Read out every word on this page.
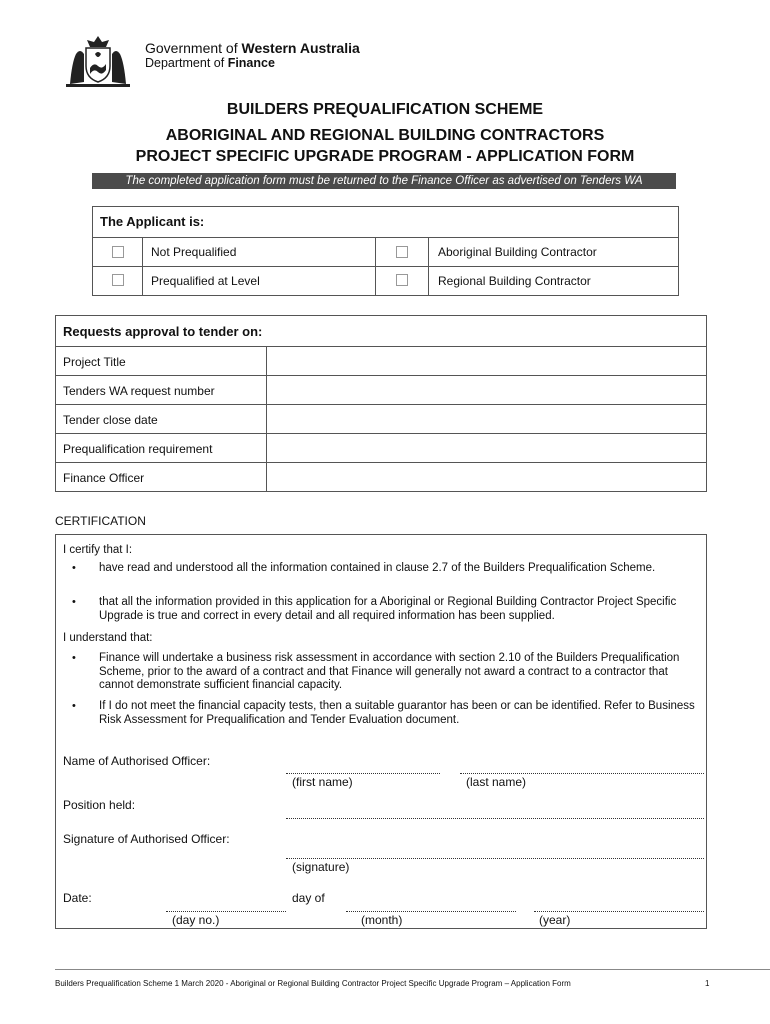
Government of Western Australia
Department of Finance
BUILDERS PREQUALIFICATION SCHEME
ABORIGINAL AND REGIONAL BUILDING CONTRACTORS
PROJECT SPECIFIC UPGRADE PROGRAM - APPLICATION FORM
The completed application form must be returned to the Finance Officer as advertised on Tenders WA
The Applicant is:
Not Prequalified	Aboriginal Building Contractor
Prequalified at Level	Regional Building Contractor
Requests approval to tender on:
Project Title
Tenders WA request number
Tender close date
Prequalification requirement
Finance Officer
CERTIFICATION
I certify that I:
• have read and understood all the information contained in clause 2.7 of the Builders Prequalification Scheme.
• that all the information provided in this application for a Aboriginal or Regional Building Contractor Project Specific Upgrade is true and correct in every detail and all required information has been supplied.
I understand that:
• Finance will undertake a business risk assessment in accordance with section 2.10 of the Builders Prequalification Scheme, prior to the award of a contract and that Finance will generally not award a contract to a contractor that cannot demonstrate sufficient financial capacity.
• If I do not meet the financial capacity tests, then a suitable guarantor has been or can be identified. Refer to Business Risk Assessment for Prequalification and Tender Evaluation document.
Name of Authorised Officer:
(first name)	(last name)
Position held:
Signature of Authorised Officer:
(signature)
Date:	day of
(day no.)	(month)	(year)
Builders Prequalification Scheme 1 March 2020 - Aboriginal or Regional Building Contractor Project Specific Upgrade Program – Application Form	1
